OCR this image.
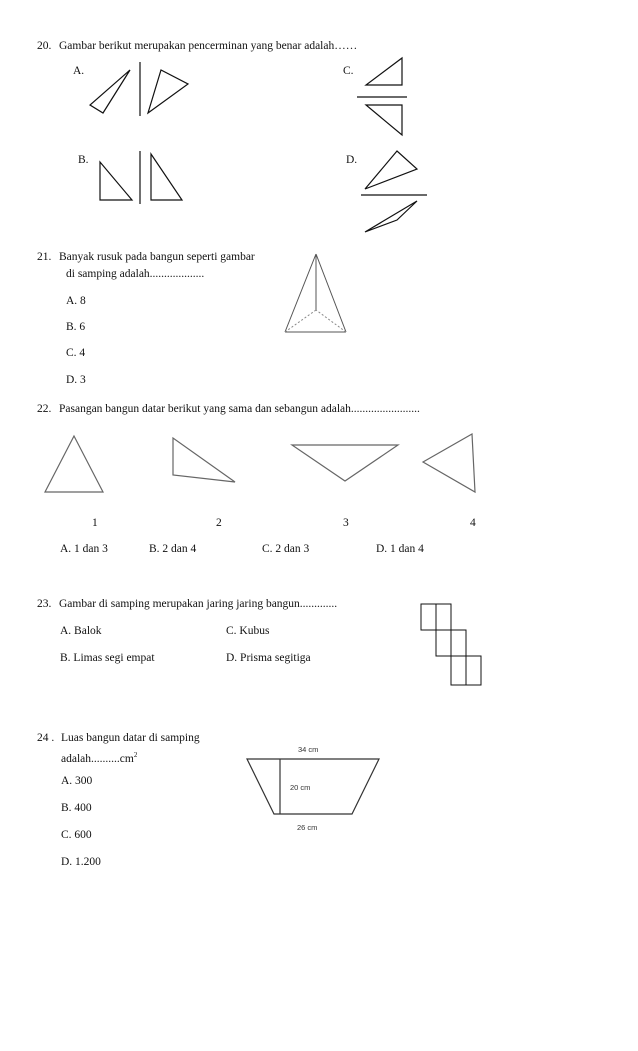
20. Gambar berikut merupakan pencerminan yang benar adalah……
A.	C.
B.	D.
21. Banyak rusuk pada bangun seperti gambar
di samping adalah...................
A. 8
B. 6
C. 4
D. 3
22. Pasangan bangun datar berikut yang sama dan sebangun adalah........................
1	2	3	4
A. 1 dan 3	B. 2 dan 4	C. 2 dan 3	D. 1 dan 4
23. Gambar di samping merupakan jaring jaring bangun.............
A. Balok	C. Kubus
B. Limas segi empat	D. Prisma segitiga
24 . Luas bangun datar di samping
$adalah..........cm^2$
A. 300
B. 400
C. 600
D. 1.200
34 cm
20 cm
26 cm
